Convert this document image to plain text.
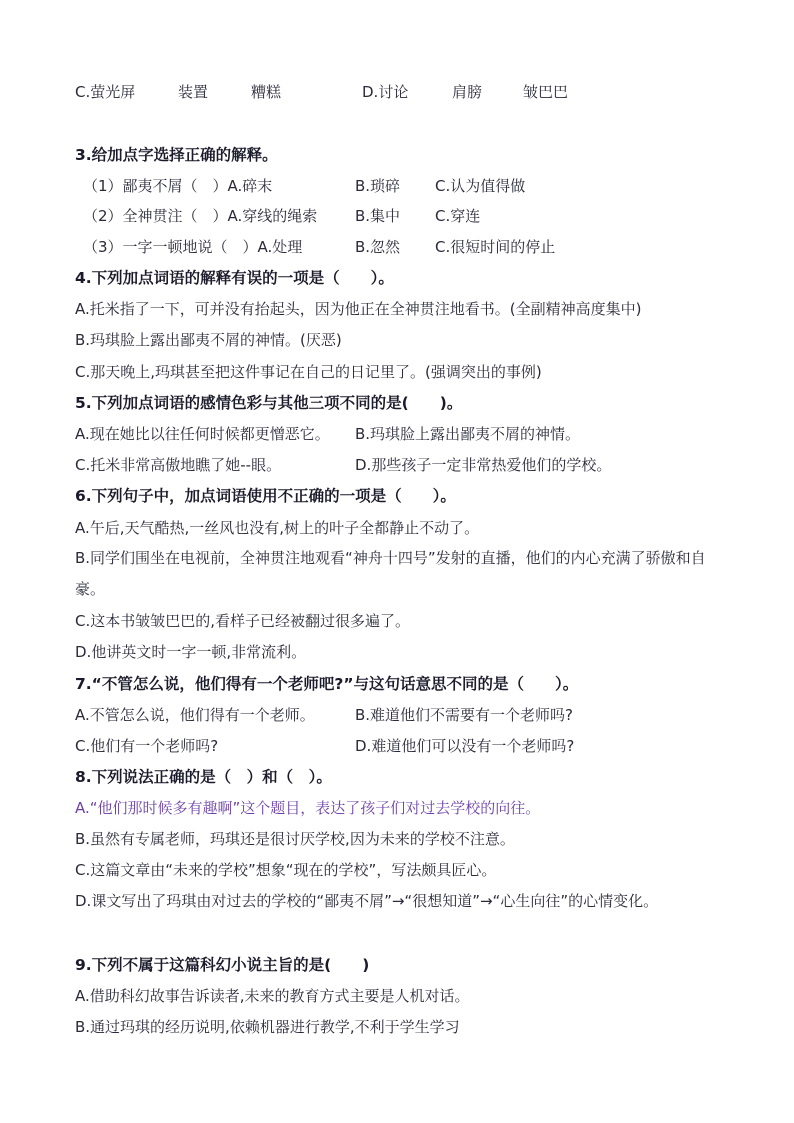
C.萤光屏	装置	糟糕	D.讨论	肩膀	皱巴巴
3.给加点字选择正确的解释。
（1）鄙夷不屑（　）A.碎末	B.琐碎 C.认为值得做
（2）全神贯注（　）A.穿线的绳索	B.集中 C.穿连
（3）一字一顿地说（　）A.处理	B.忽然 C.很短时间的停止
4.下列加点词语的解释有误的一项是（　　）。
A.托米指了一下，可并没有抬起头，因为他正在全神贯注地看书。(全副精神高度集中)
B.玛琪脸上露出鄙夷不屑的神情。(厌恶)
C.那天晚上,玛琪甚至把这件事记在自己的日记里了。(强调突出的事例)
5.下列加点词语的感情色彩与其他三项不同的是(　　)。
A.现在她比以往任何时候都更憎恶它。 B.玛琪脸上露出鄙夷不屑的神情。
C.托米非常高傲地瞧了她--眼。	D.那些孩子一定非常热爱他们的学校。
6.下列句子中，加点词语使用不正确的一项是（　　）。
A.午后,天气酷热,一丝风也没有,树上的叶子全都静止不动了。
B.同学们围坐在电视前，全神贯注地观看“神舟十四号”发射的直播，他们的内心充满了骄傲和自豪。
C.这本书皱皱巴巴的,看样子已经被翻过很多遍了。
D.他讲英文时一字一顿,非常流利。
7.“不管怎么说，他们得有一个老师吧?”与这句话意思不同的是（　　）。
A.不管怎么说，他们得有一个老师。	B.难道他们不需要有一个老师吗?
C.他们有一个老师吗?	D.难道他们可以没有一个老师吗?
8.下列说法正确的是（　）和（　）。
A.“他们那时候多有趣啊”这个题目，表达了孩子们对过去学校的向往。
B.虽然有专属老师，玛琪还是很讨厌学校,因为未来的学校不注意。
C.这篇文章由“未来的学校”想象“现在的学校”，写法颇具匠心。
D.课文写出了玛琪由对过去的学校的“鄙夷不屑”→“很想知道”→“心生向往”的心情变化。
9.下列不属于这篇科幻小说主旨的是(　　)
A.借助科幻故事告诉读者,未来的教育方式主要是人机对话。
B.通过玛琪的经历说明,依赖机器进行教学,不利于学生学习
